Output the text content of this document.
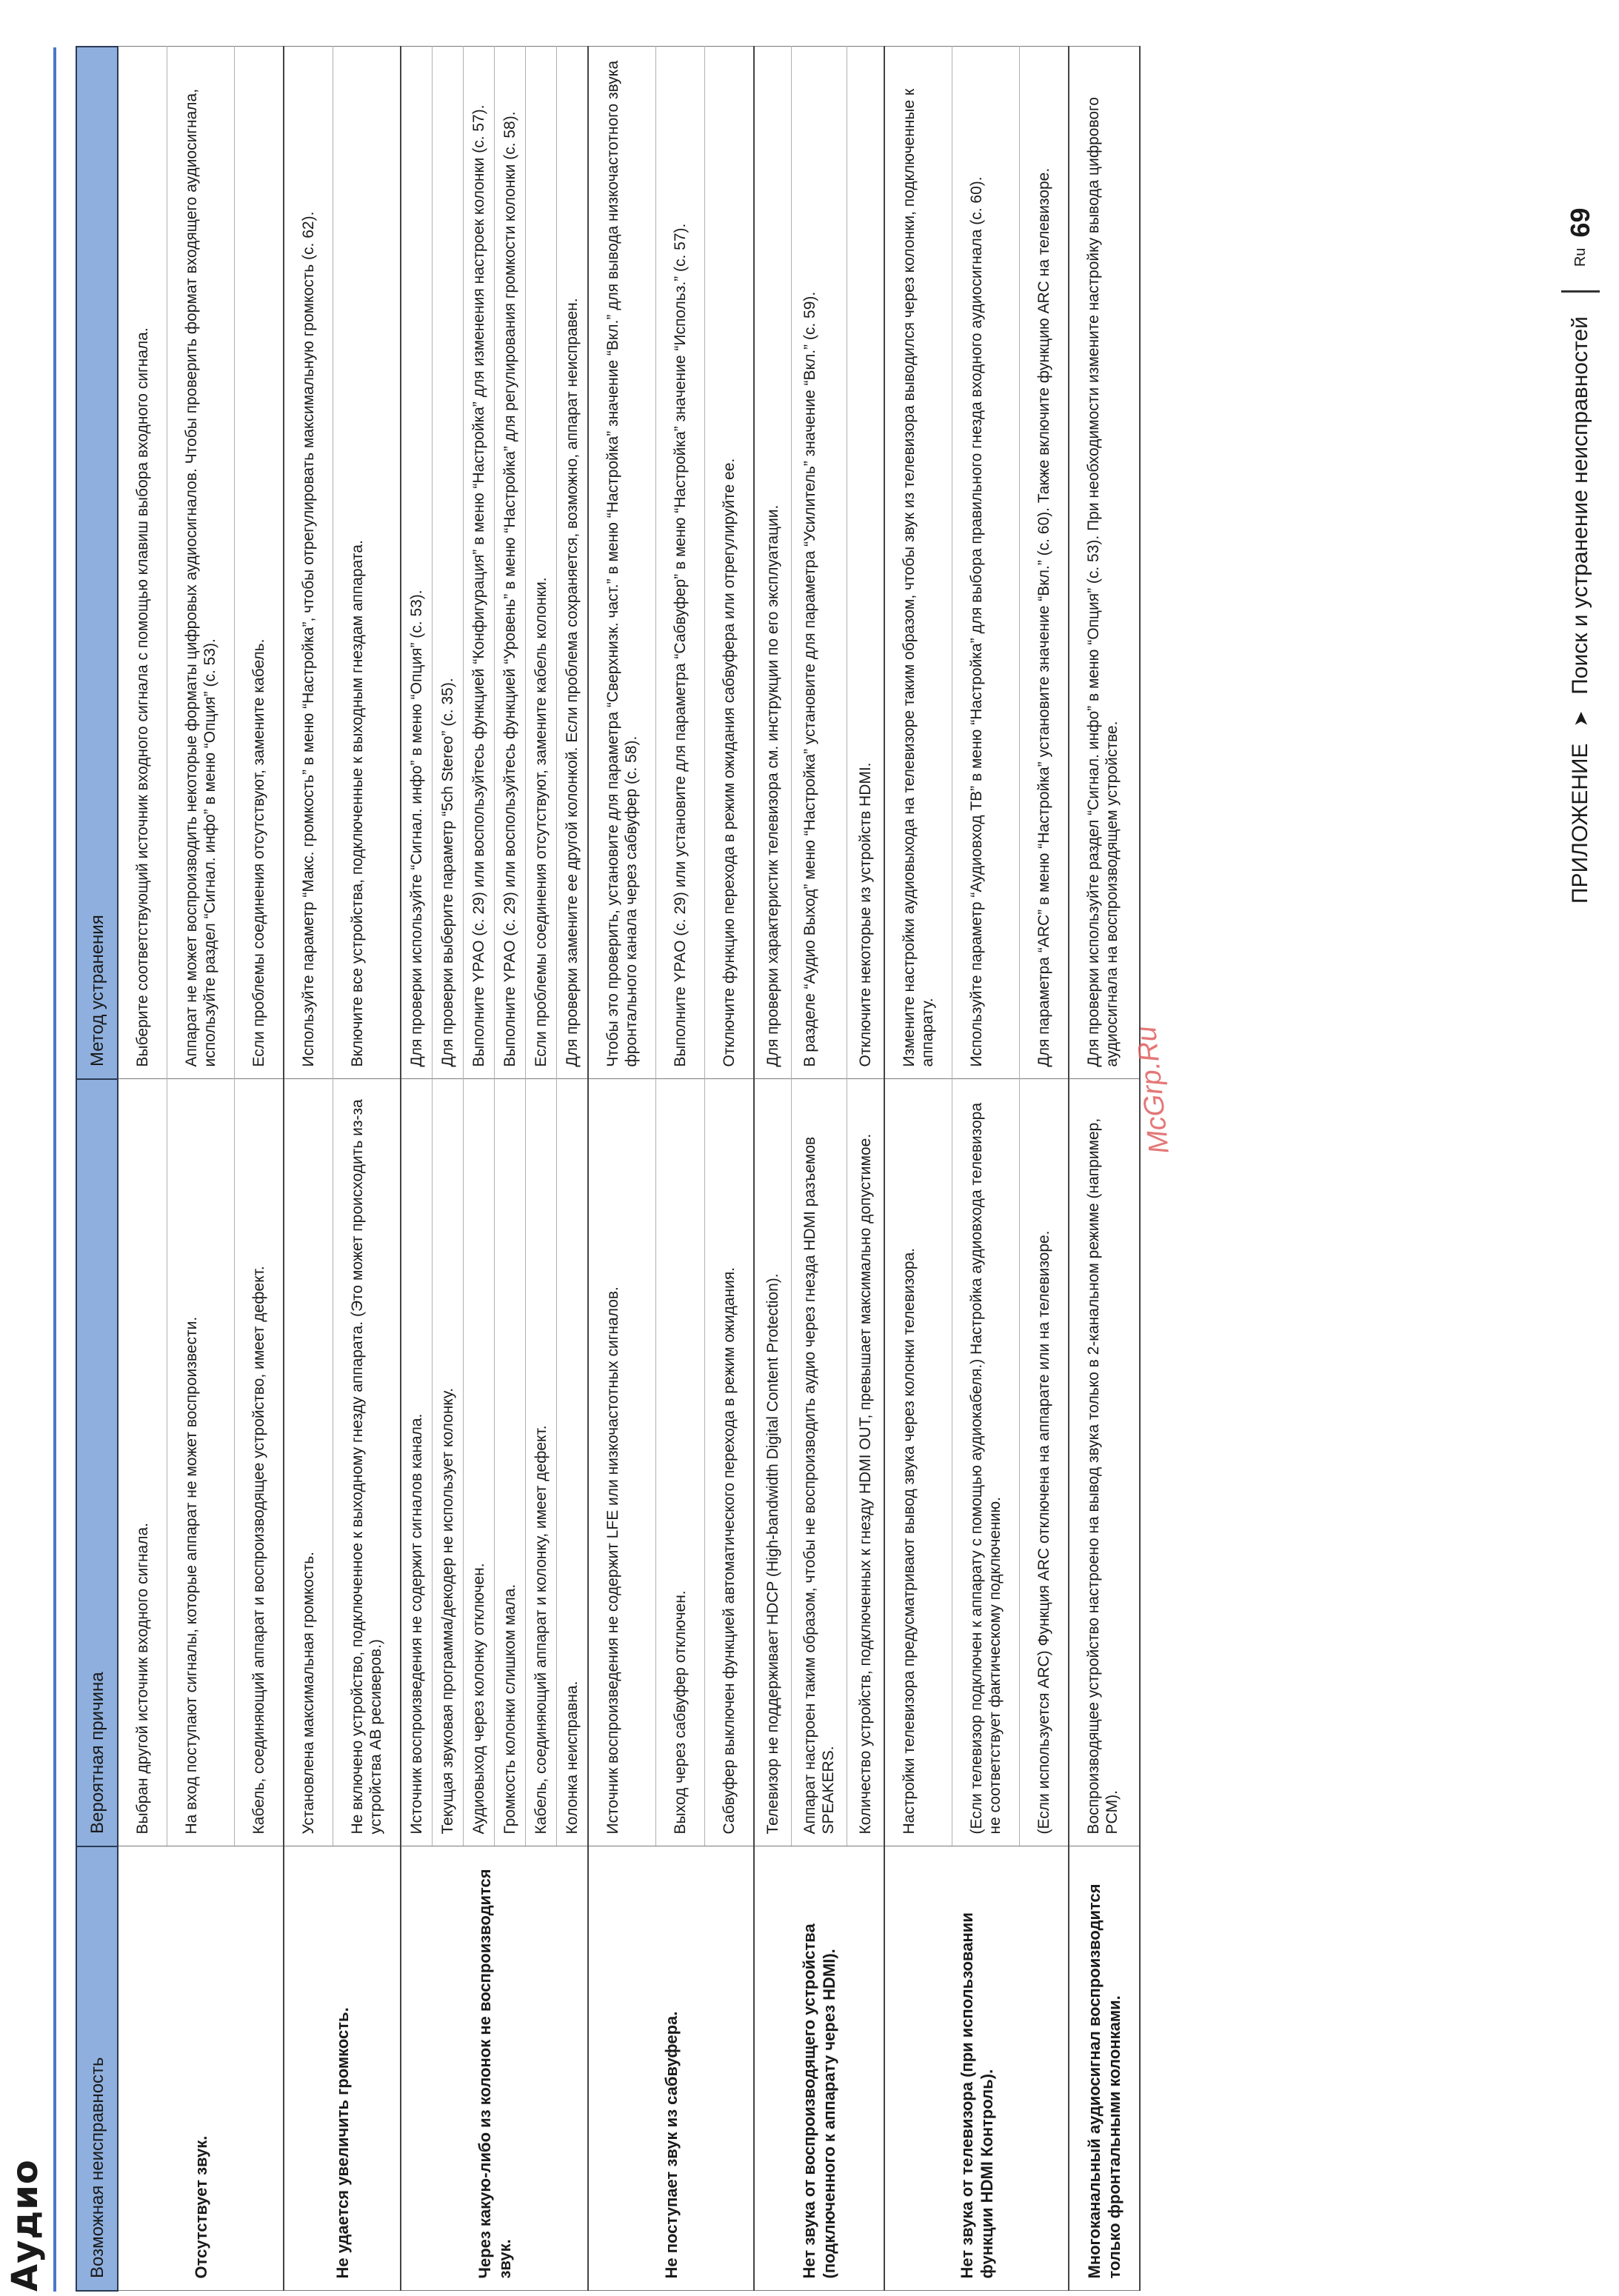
Аудио Возможная неисправность	Вероятная причина	Метод устранения
Отсутствует звук.	Выбран другой источник входного сигнала.	Выберите соответствующий источник входного сигнала с помощью клавиш выбора входного сигнала.
	На вход поступают сигналы, которые аппарат не может воспроизвести.	Аппарат не может воспроизводить некоторые форматы цифровых аудиосигналов. Чтобы проверить формат входящего аудиосигнала, используйте раздел “Сигнал. инфо” в меню “Опция” (с. 53).
	Кабель, соединяющий аппарат и воспроизводящее устройство, имеет дефект.	Если проблемы соединения отсутствуют, замените кабель.
Не удается увеличить громкость.	Установлена максимальная громкость.	Используйте параметр “Макс. громкость” в меню “Настройка”, чтобы отрегулировать максимальную громкость (с. 62).
	Не включено устройство, подключенное к выходному гнезду аппарата. (Это может происходить из-за устройства AB ресиверов.)	Включите все устройства, подключенные к выходным гнездам аппарата.
Через какую-либо из колонок не воспроизводится звук.	Источник воспроизведения не содержит сигналов канала.	Для проверки используйте “Сигнал. инфо” в меню “Опция” (с. 53).
	Текущая звуковая программа/декодер не использует колонку.	Для проверки выберите параметр “5ch Stereo” (с. 35).
	Аудиовыход через колонку отключен.	Выполните YPAO (с. 29) или воспользуйтесь функцией “Конфигурация” в меню “Настройка” для изменения настроек колонки (с. 57).
	Громкость колонки слишком мала.	Выполните YPAO (с. 29) или воспользуйтесь функцией “Уровень” в меню “Настройка” для регулирования громкости колонки (с. 58).
	Кабель, соединяющий аппарат и колонку, имеет дефект.	Если проблемы соединения отсутствуют, замените кабель колонки.
	Колонка неисправна.	Для проверки замените ее другой колонкой. Если проблема сохраняется, возможно, аппарат неисправен.
Не поступает звук из сабвуфера.	Источник воспроизведения не содержит LFE или низкочастотных сигналов.	Чтобы это проверить, установите для параметра “Сверхнизк. част.” в меню “Настройка” значение “Вкл.” для вывода низкочастотного звука фронтального канала через сабвуфер (с. 58).
	Выход через сабвуфер отключен.	Выполните YPAO (с. 29) или установите для параметра “Сабвуфер” в меню “Настройка” значение “Использ.” (с. 57).
	Сабвуфер выключен функцией автоматического перехода в режим ожидания.	Отключите функцию перехода в режим ожидания сабвуфера или отрегулируйте ее.
Нет звука от воспроизводящего устройства (подключенного к аппарату через HDMI).	Телевизор не поддерживает HDCP (High-bandwidth Digital Content Protection).	Для проверки характеристик телевизора см. инструкции по его эксплуатации.
	Аппарат настроен таким образом, чтобы не воспроизводить аудио через гнезда HDMI разъемов SPEAKERS.	В разделе “Аудио Выход” меню “Настройка” установите для параметра “Усилитель” значение “Вкл.” (с. 59).
	Количество устройств, подключенных к гнезду HDMI OUT, превышает максимально допустимое.	Отключите некоторые из устройств HDMI.
Нет звука от телевизора (при использовании функции HDMI Контроль).	Настройки телевизора предусматривают вывод звука через колонки телевизора.	Измените настройки аудиовыхода на телевизоре таким образом, чтобы звук из телевизора выводился через колонки, подключенные к аппарату.
	(Если телевизор подключен к аппарату с помощью аудиокабеля.) Настройка аудиовхода телевизора не соответствует фактическому подключению.	Используйте параметр “Аудиовход ТВ” в меню “Настройка” для выбора правильного гнезда входного аудиосигнала (с. 60).
	(Если используется ARC) Функция ARC отключена на аппарате или на телевизоре.	Для параметра “ARC” в меню “Настройка” установите значение “Вкл.” (с. 60). Также включите функцию ARC на телевизоре.
Многоканальный аудиосигнал воспроизводится только фронтальными колонками.	Воспроизводящее устройство настроено на вывод звука только в 2-канальном режиме (например, PCM).	Для проверки используйте раздел “Сигнал. инфо” в меню “Опция” (с. 53). При необходимости измените настройку вывода цифрового аудиосигнала на воспроизводящем устройстве.
McGrp.Ru
ПРИЛОЖЕНИЕ
➤
Поиск и устранение неисправностей
Ru
69
